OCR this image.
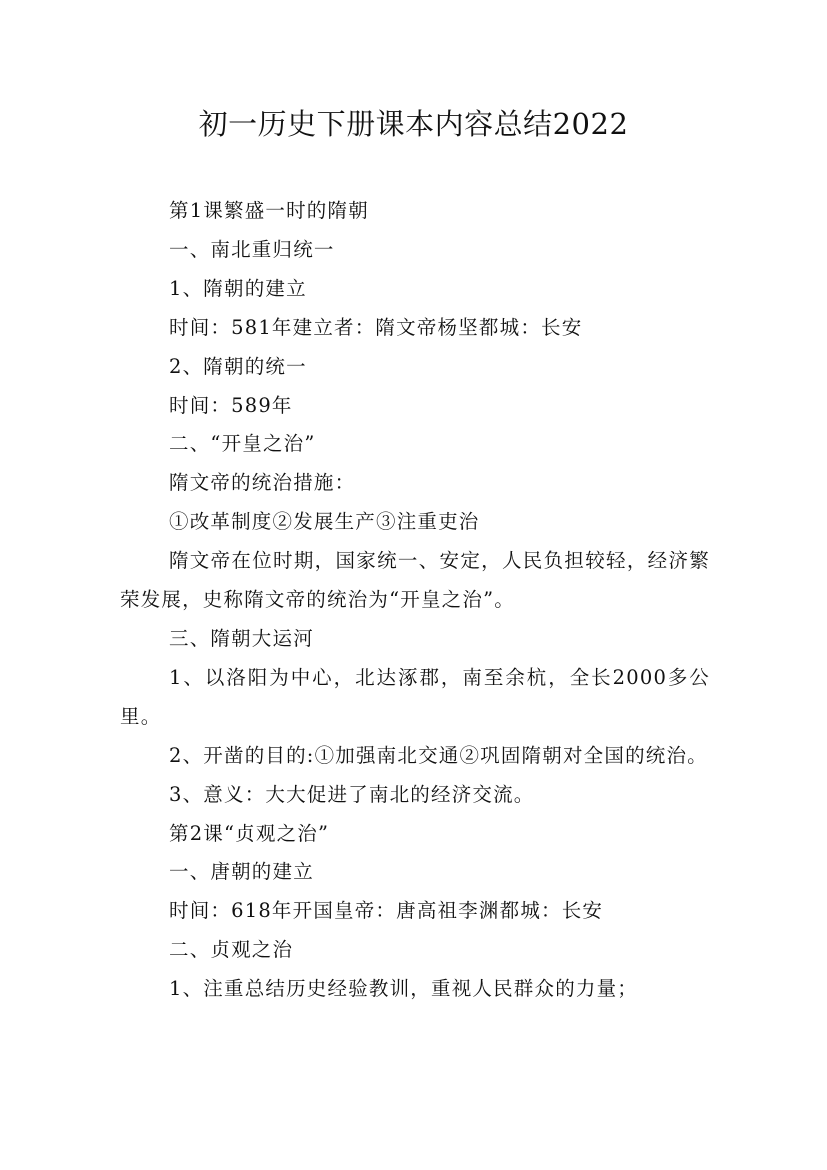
初一历史下册课本内容总结2022

第1课繁盛一时的隋朝

一、南北重归统一

1、隋朝的建立

时间：581年建立者：隋文帝杨坚都城：长安

2、隋朝的统一

时间：589年

二、“开皇之治”

隋文帝的统治措施：

①改革制度②发展生产③注重吏治

隋文帝在位时期，国家统一、安定，人民负担较轻，经济繁荣发展，史称隋文帝的统治为“开皇之治”。

三、隋朝大运河

1、以洛阳为中心，北达涿郡，南至余杭，全长2000多公里。

2、开凿的目的:①加强南北交通②巩固隋朝对全国的统治。

3、意义：大大促进了南北的经济交流。

第2课“贞观之治”

一、唐朝的建立

时间：618年开国皇帝：唐高祖李渊都城：长安

二、贞观之治

1、注重总结历史经验教训，重视人民群众的力量；
